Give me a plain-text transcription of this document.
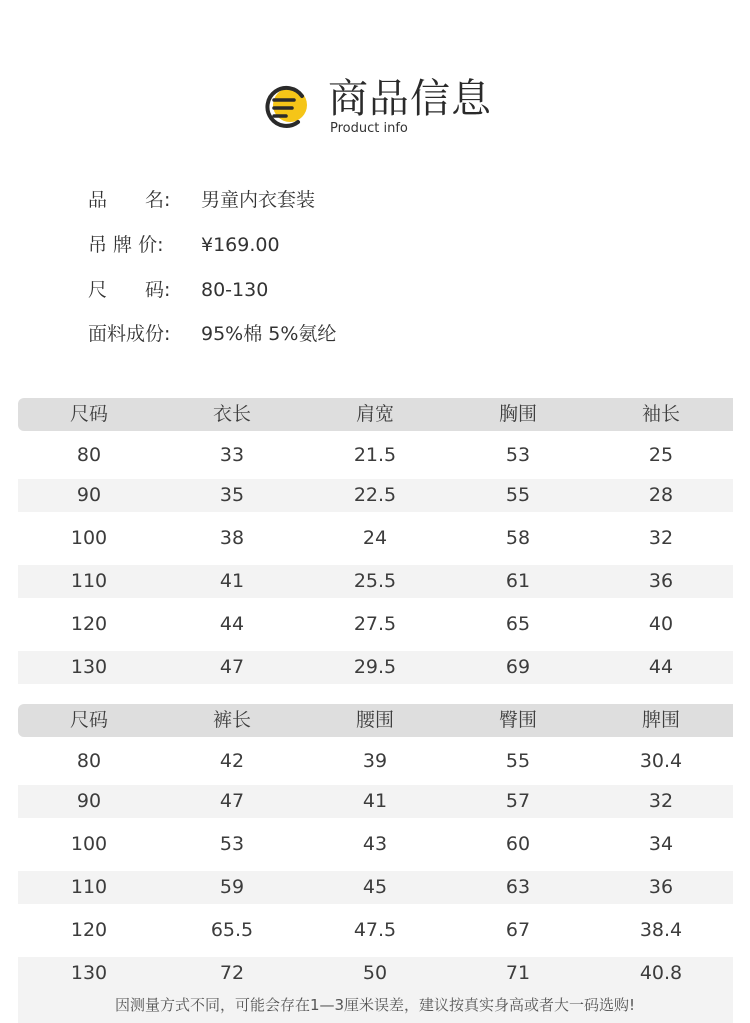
商品信息
Product info
品　　名:	男童内衣套装
吊 牌 价:	¥169.00
尺　　码:	80-130
面料成份:	95%棉 5%氨纶
尺码	衣长	肩宽	胸围	袖长
80	33	21.5	53	25
90	35	22.5	55	28
100	38	24	58	32
110	41	25.5	61	36
120	44	27.5	65	40
130	47	29.5	69	44
尺码	裤长	腰围	臀围	脾围
80	42	39	55	30.4
90	47	41	57	32
100	53	43	60	34
110	59	45	63	36
120	65.5	47.5	67	38.4
130	72	50	71	40.8
因测量方式不同，可能会存在1—3厘米误差，建议按真实身高或者大一码选购!
